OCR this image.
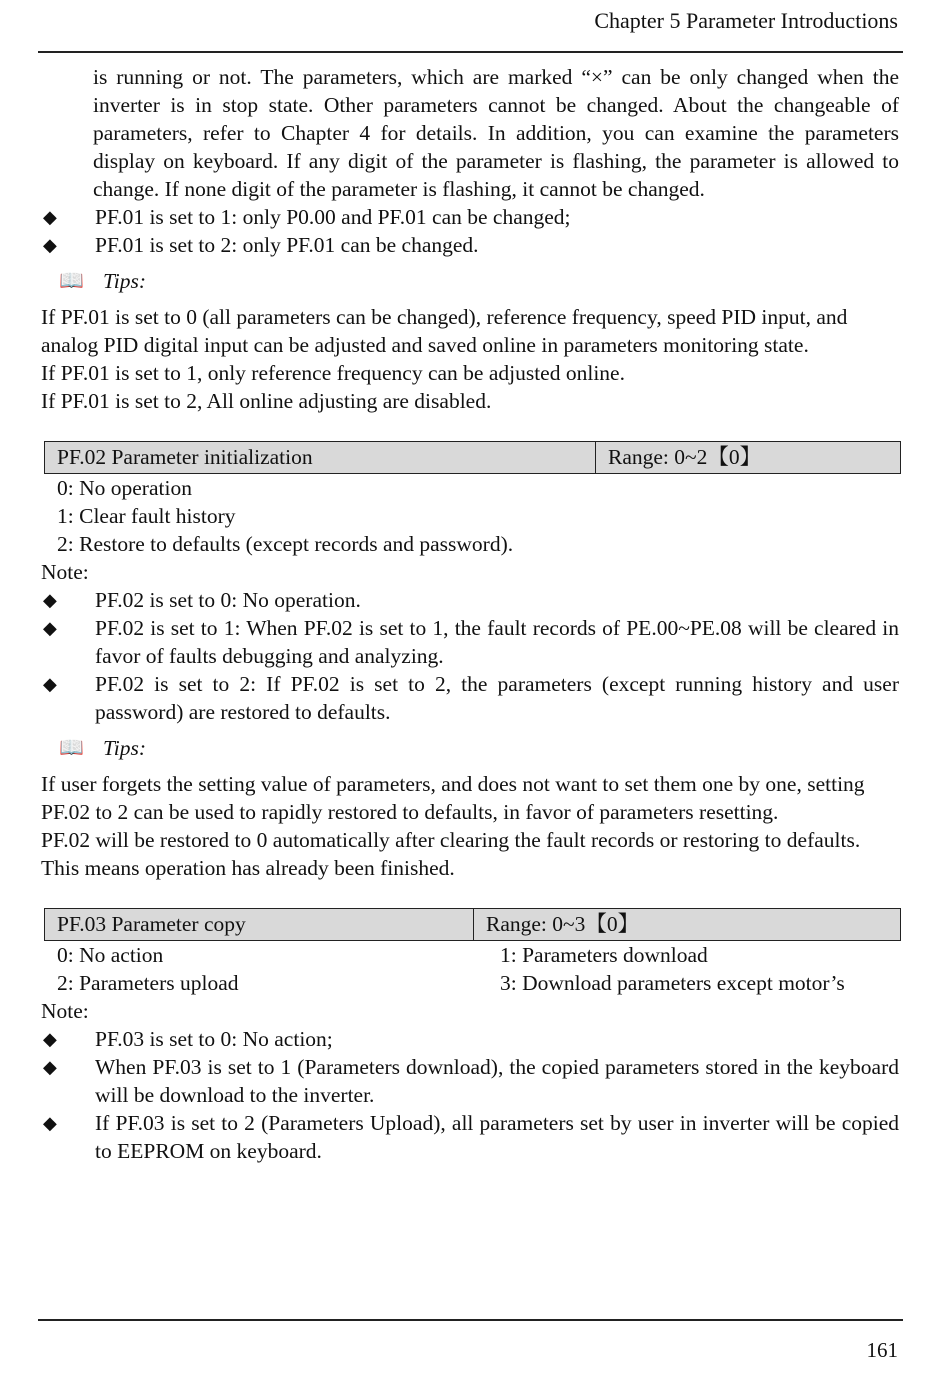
Chapter 5 Parameter Introductions

is running or not. The parameters, which are marked “×” can be only changed when the inverter is in stop state. Other parameters cannot be changed. About the changeable of parameters, refer to Chapter 4 for details. In addition, you can examine the parameters display on keyboard. If any digit of the parameter is flashing, the parameter is allowed to change. If none digit of the parameter is flashing, it cannot be changed.

◆	PF.01 is set to 1: only P0.00 and PF.01 can be changed;
◆	PF.01 is set to 2: only PF.01 can be changed.
📖 Tips:

If PF.01 is set to 0 (all parameters can be changed), reference frequency, speed PID input, and analog PID digital input can be adjusted and saved online in parameters monitoring state.

If PF.01 is set to 1, only reference frequency can be adjusted online.

If PF.01 is set to 2, All online adjusting are disabled.

PF.02 Parameter initialization	Range: 0~2【0】

0: No operation

1: Clear fault history

2: Restore to defaults (except records and password).

Note:

◆	PF.02 is set to 0: No operation.
◆	PF.02 is set to 1: When PF.02 is set to 1, the fault records of PE.00~PE.08 will be cleared in favor of faults debugging and analyzing.
◆	PF.02 is set to 2: If PF.02 is set to 2, the parameters (except running history and user password) are restored to defaults.
📖 Tips:

If user forgets the setting value of parameters, and does not want to set them one by one, setting PF.02 to 2 can be used to rapidly restored to defaults, in favor of parameters resetting.

PF.02 will be restored to 0 automatically after clearing the fault records or restoring to defaults. This means operation has already been finished.

PF.03 Parameter copy	Range: 0~3【0】
0: No action	1: Parameters download
2: Parameters upload	3: Download parameters except motor’s

Note:

◆	PF.03 is set to 0: No action;
◆	When PF.03 is set to 1 (Parameters download), the copied parameters stored in the keyboard will be download to the inverter.
◆	If PF.03 is set to 2 (Parameters Upload), all parameters set by user in inverter will be copied to EEPROM on keyboard.
161
